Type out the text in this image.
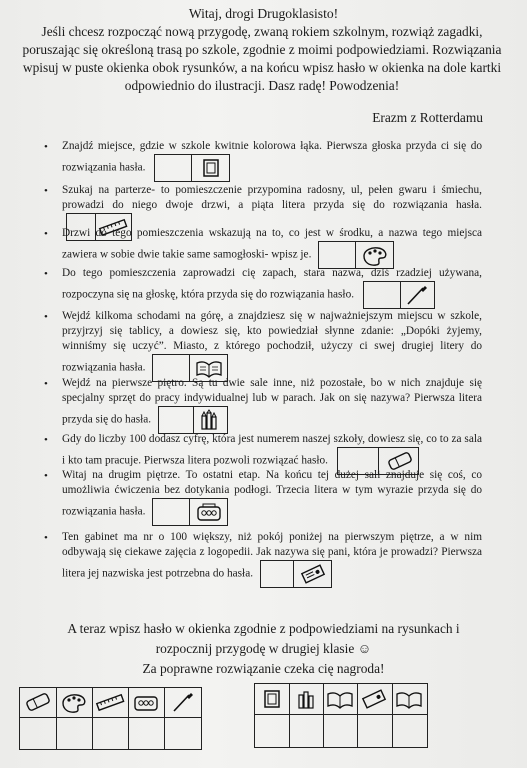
Witaj, drogi Drugoklasisto!
Jeśli chcesz rozpocząć nową przygodę, zwaną rokiem szkolnym, rozwiąż zagadki, poruszając się określoną trasą po szkole, zgodnie z moimi podpowiedziami. Rozwiązania wpisuj w puste okienka obok rysunków, a na końcu wpisz hasło w okienka na dole kartki odpowiednio do ilustracji. Dasz radę! Powodzenia!
Erazm z Rotterdamu
• Znajdź miejsce, gdzie w szkole kwitnie kolorowa łąka. Pierwsza głoska przyda ci się do rozwiązania hasła.
• Szukaj na parterze- to pomieszczenie przypomina radosny, ul, pełen gwaru i śmiechu, prowadzi do niego dwoje drzwi, a piąta litera przyda się do rozwiązania hasła.
• Drzwi do tego pomieszczenia wskazują na to, co jest w środku, a nazwa tego miejsca zawiera w sobie dwie takie same samogłoski- wpisz je.
• Do tego pomieszczenia zaprowadzi cię zapach, stara nazwa, dziś rzadziej używana, rozpoczyna się na głoskę, która przyda się do rozwiązania hasło.
• Wejdź kilkoma schodami na górę, a znajdziesz się w najważniejszym miejscu w szkole, przyjrzyj się tablicy, a dowiesz się, kto powiedział słynne zdanie: „Dopóki żyjemy, winniśmy się uczyć”. Miasto, z którego pochodził, użyczy ci swej drugiej litery do rozwiązania hasła.
• Wejdź na pierwsze piętro. Są tu dwie sale inne, niż pozostałe, bo w nich znajduje się specjalny sprzęt do pracy indywidualnej lub w parach. Jak on się nazywa? Pierwsza litera przyda się do hasła.
• Gdy do liczby 100 dodasz cyfrę, która jest numerem naszej szkoły, dowiesz się, co to za sala i kto tam pracuje. Pierwsza litera pozwoli rozwiązać hasło.
• Witaj na drugim piętrze. To ostatni etap. Na końcu tej dużej sali znajduje się coś, co umożliwia ćwiczenia bez dotykania podłogi. Trzecia litera w tym wyrazie przyda się do rozwiązania hasła.
• Ten gabinet ma nr o 100 większy, niż pokój poniżej na pierwszym piętrze, a w nim odbywają się ciekawe zajęcia z logopedii. Jak nazywa się pani, która je prowadzi? Pierwsza litera jej nazwiska jest potrzebna do hasła.
A teraz wpisz hasło w okienka zgodnie z podpowiedziami na rysunkach i
rozpocznij przygodę w drugiej klasie ☺
Za poprawne rozwiązanie czeka cię nagroda!
